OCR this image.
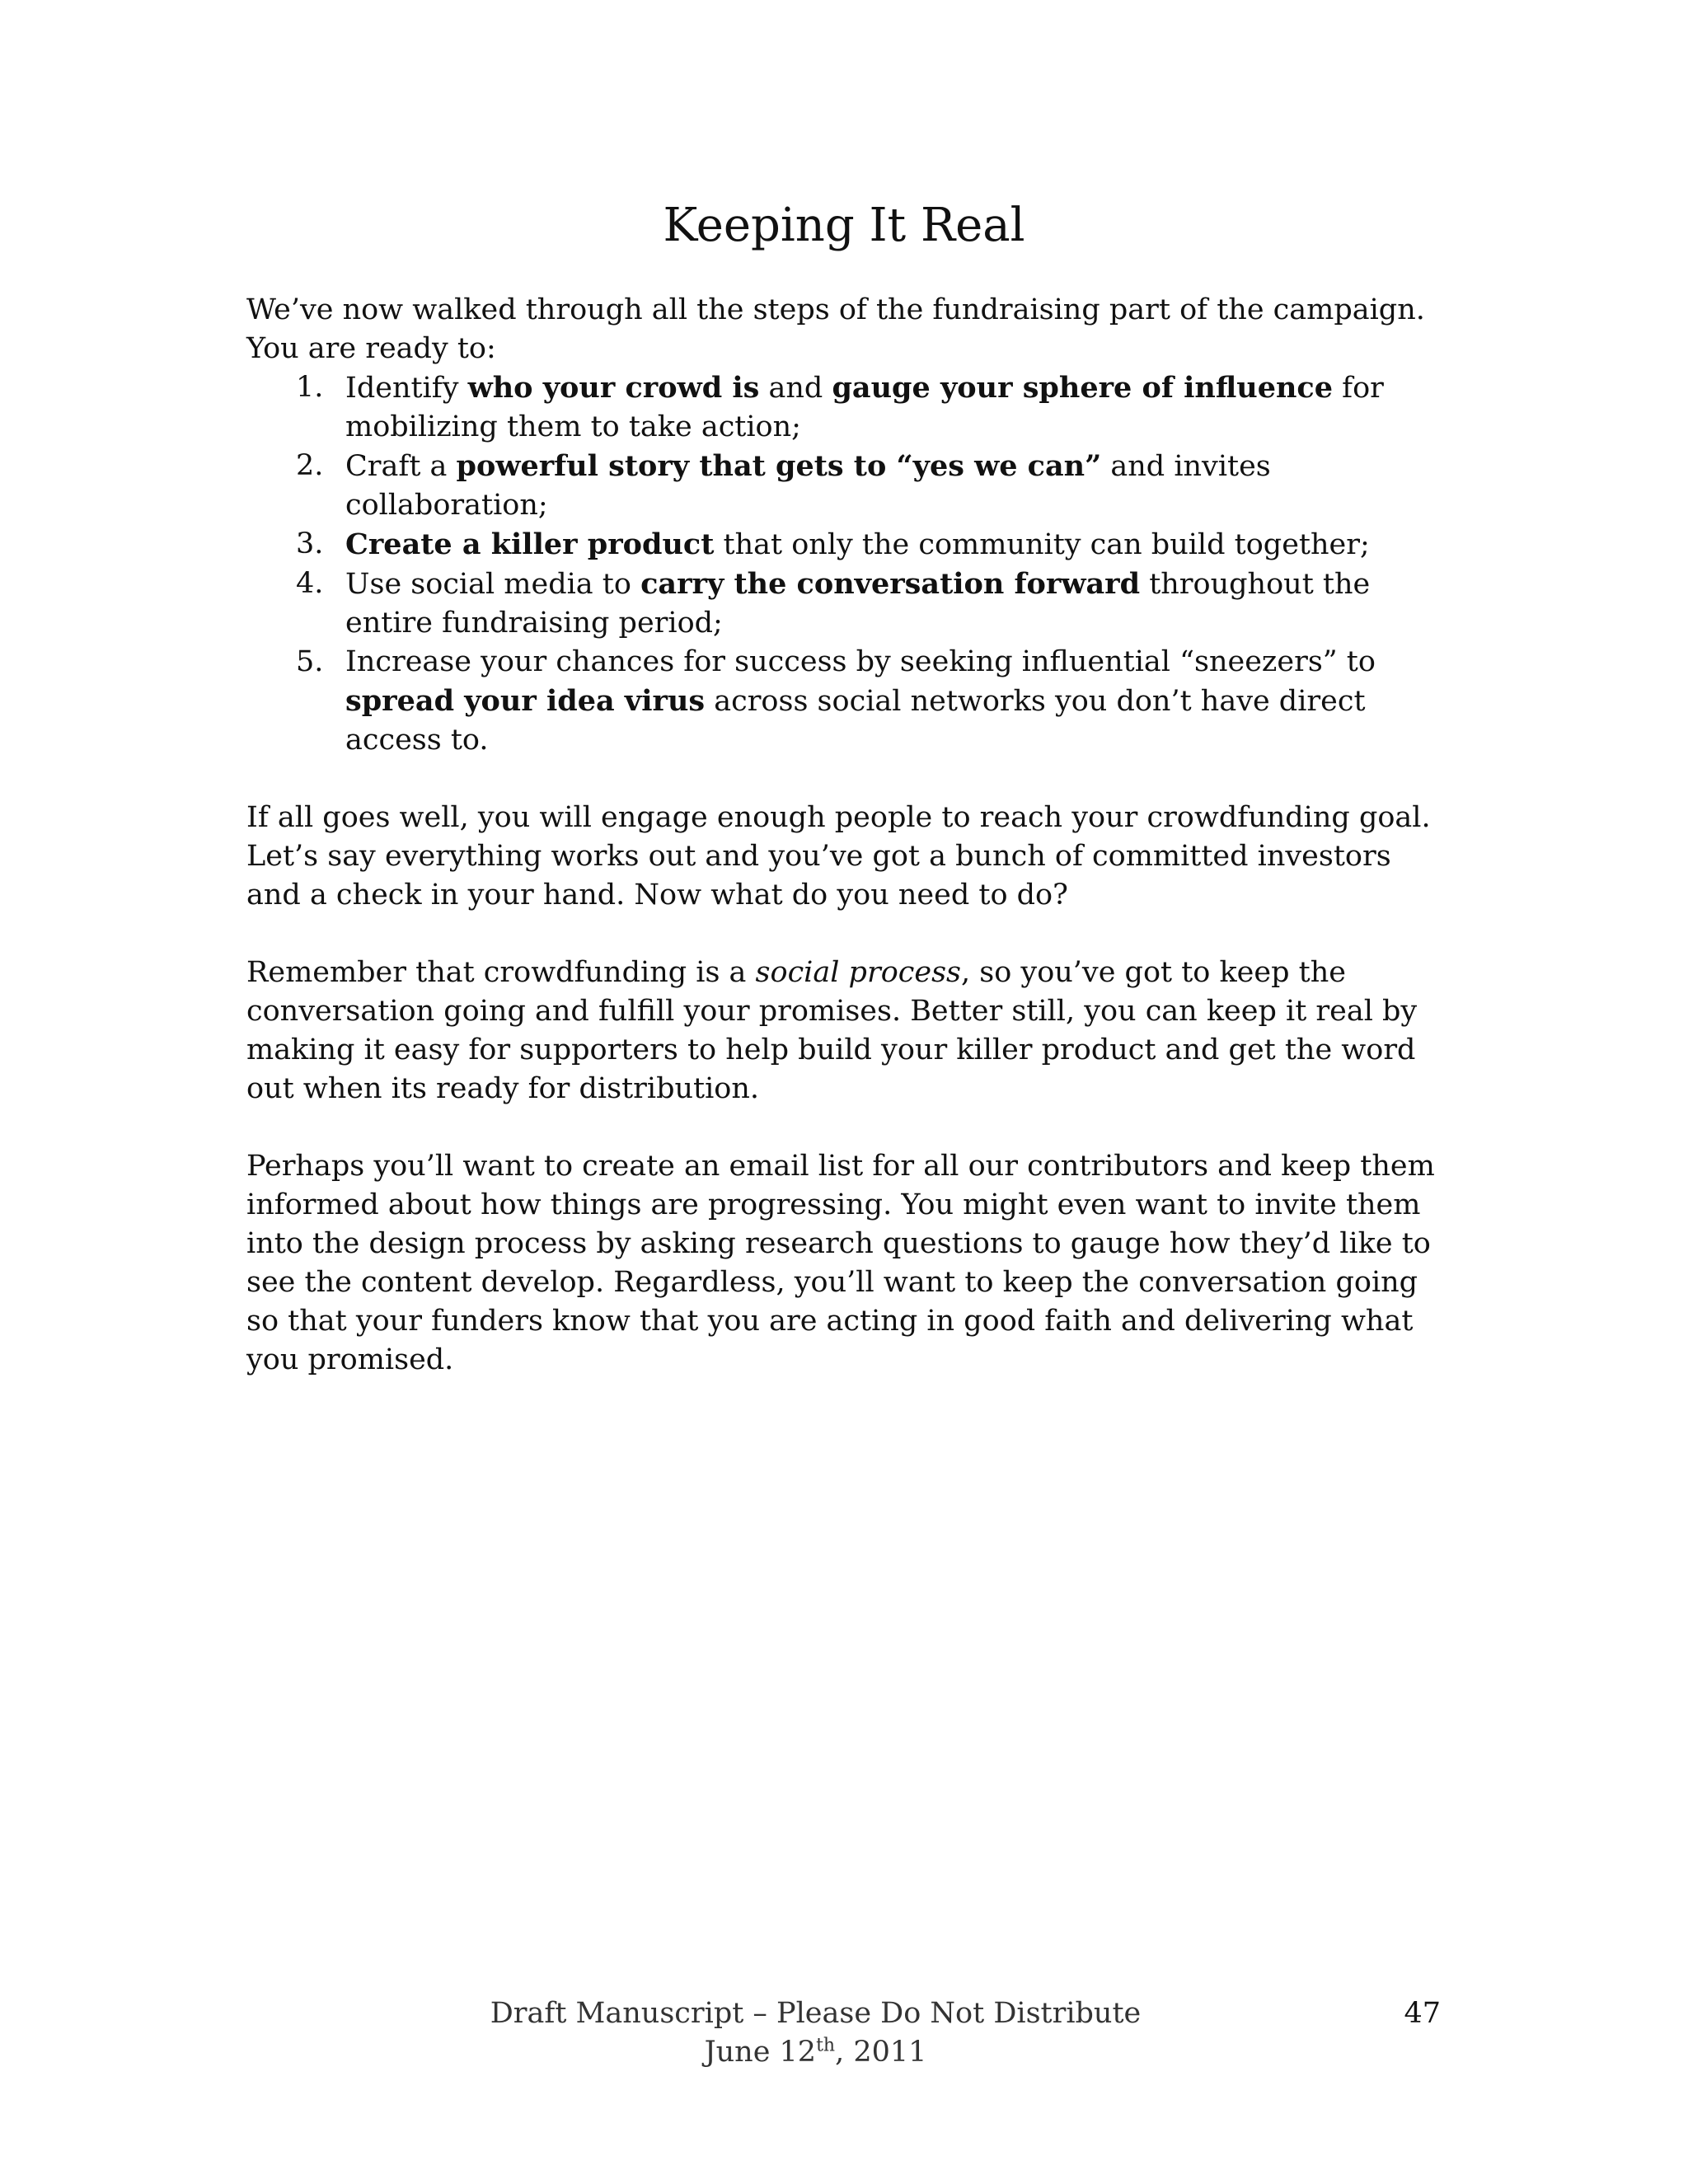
Keeping It Real

We’ve now walked through all the steps of the fundraising part of the campaign.
You are ready to:

1. Identify who your crowd is and gauge your sphere of influence for mobilizing them to take action;
2. Craft a powerful story that gets to “yes we can” and invites collaboration;
3. Create a killer product that only the community can build together;
4. Use social media to carry the conversation forward throughout the entire fundraising period;
5. Increase your chances for success by seeking influential “sneezers” to spread your idea virus across social networks you don’t have direct access to.

If all goes well, you will engage enough people to reach your crowdfunding goal. Let’s say everything works out and you’ve got a bunch of committed investors and a check in your hand. Now what do you need to do?

Remember that crowdfunding is a social process, so you’ve got to keep the conversation going and fulfill your promises. Better still, you can keep it real by making it easy for supporters to help build your killer product and get the word out when its ready for distribution.

Perhaps you’ll want to create an email list for all our contributors and keep them informed about how things are progressing. You might even want to invite them into the design process by asking research questions to gauge how they’d like to see the content develop. Regardless, you’ll want to keep the conversation going so that your funders know that you are acting in good faith and delivering what you promised.

Draft Manuscript – Please Do Not Distribute
June 12th, 2011
47
